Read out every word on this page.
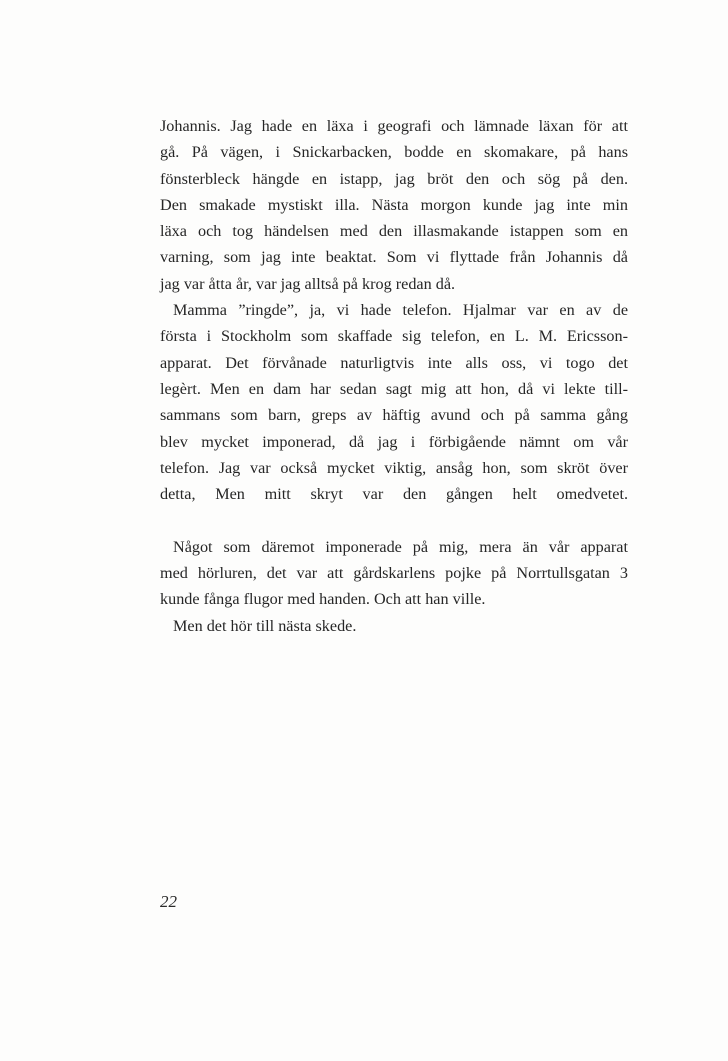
Johannis. Jag hade en läxa i geografi och lämnade läxan för att
gå. På vägen, i Snickarbacken, bodde en skomakare, på hans
fönsterbleck hängde en istapp, jag bröt den och sög på den.
Den smakade mystiskt illa. Nästa morgon kunde jag inte min
läxa och tog händelsen med den illasmakande istappen som en
varning, som jag inte beaktat. Som vi flyttade från Johannis då
jag var åtta år, var jag alltså på krog redan då.
Mamma ”ringde”, ja, vi hade telefon. Hjalmar var en av de
första i Stockholm som skaffade sig telefon, en L. M. Ericsson-
apparat. Det förvånade naturligtvis inte alls oss, vi togo det
legèrt. Men en dam har sedan sagt mig att hon, då vi lekte till-
sammans som barn, greps av häftig avund och på samma gång
blev mycket imponerad, då jag i förbigående nämnt om vår
telefon. Jag var också mycket viktig, ansåg hon, som skröt över
detta, Men mitt skryt var den gången helt omedvetet.
Något som däremot imponerade på mig, mera än vår apparat
med hörluren, det var att gårdskarlens pojke på Norrtullsgatan 3
kunde fånga flugor med handen. Och att han ville.
Men det hör till nästa skede.
22
